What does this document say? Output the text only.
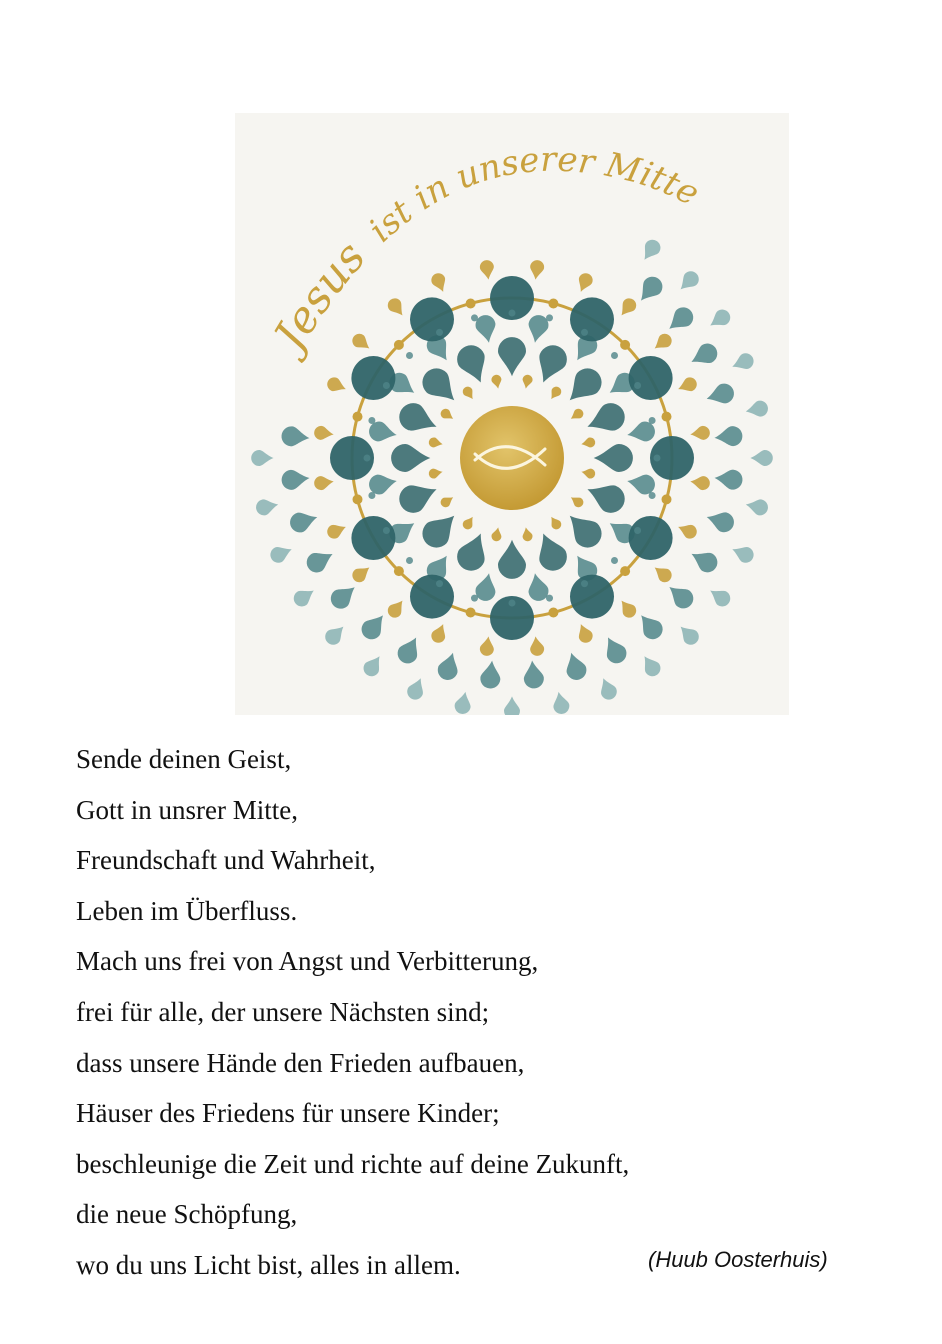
Jesus ist in unserer Mitte
Sende deinen Geist,
Gott in unsrer Mitte,
Freundschaft und Wahrheit,
Leben im Überfluss.
Mach uns frei von Angst und Verbitterung,
frei für alle, der unsere Nächsten sind;
dass unsere Hände den Frieden aufbauen,
Häuser des Friedens für unsere Kinder;
beschleunige die Zeit und richte auf deine Zukunft,
die neue Schöpfung,
wo du uns Licht bist, alles in allem.	(Huub Oosterhuis)
